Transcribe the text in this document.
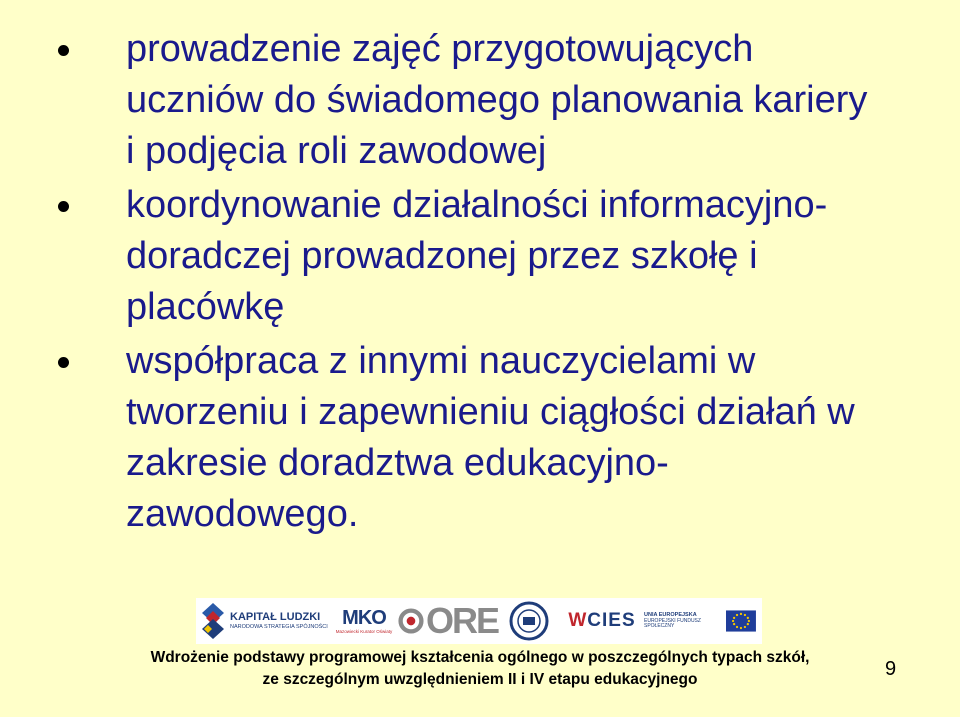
prowadzenie zajęć przygotowujących
uczniów do świadomego planowania kariery
i podjęcia roli zawodowej
koordynowanie działalności informacyjno-
doradczej prowadzonej przez szkołę i
placówkę
współpraca z innymi nauczycielami w
tworzeniu i zapewnieniu ciągłości działań w
zakresie doradztwa edukacyjno-
zawodowego.
KAPITAŁ LUDZKI
NARODOWA STRATEGIA SPÓJNOŚCI MKO
Mazowiecki Kurator Oświaty ORE	WCIES UNIA EUROPEJSKA
EUROPEJSKI FUNDUSZ SPOŁECZNY
Wdrożenie podstawy programowej kształcenia ogólnego w poszczególnych typach szkół,
ze szczególnym uwzględnieniem II i IV etapu edukacyjnego	9
